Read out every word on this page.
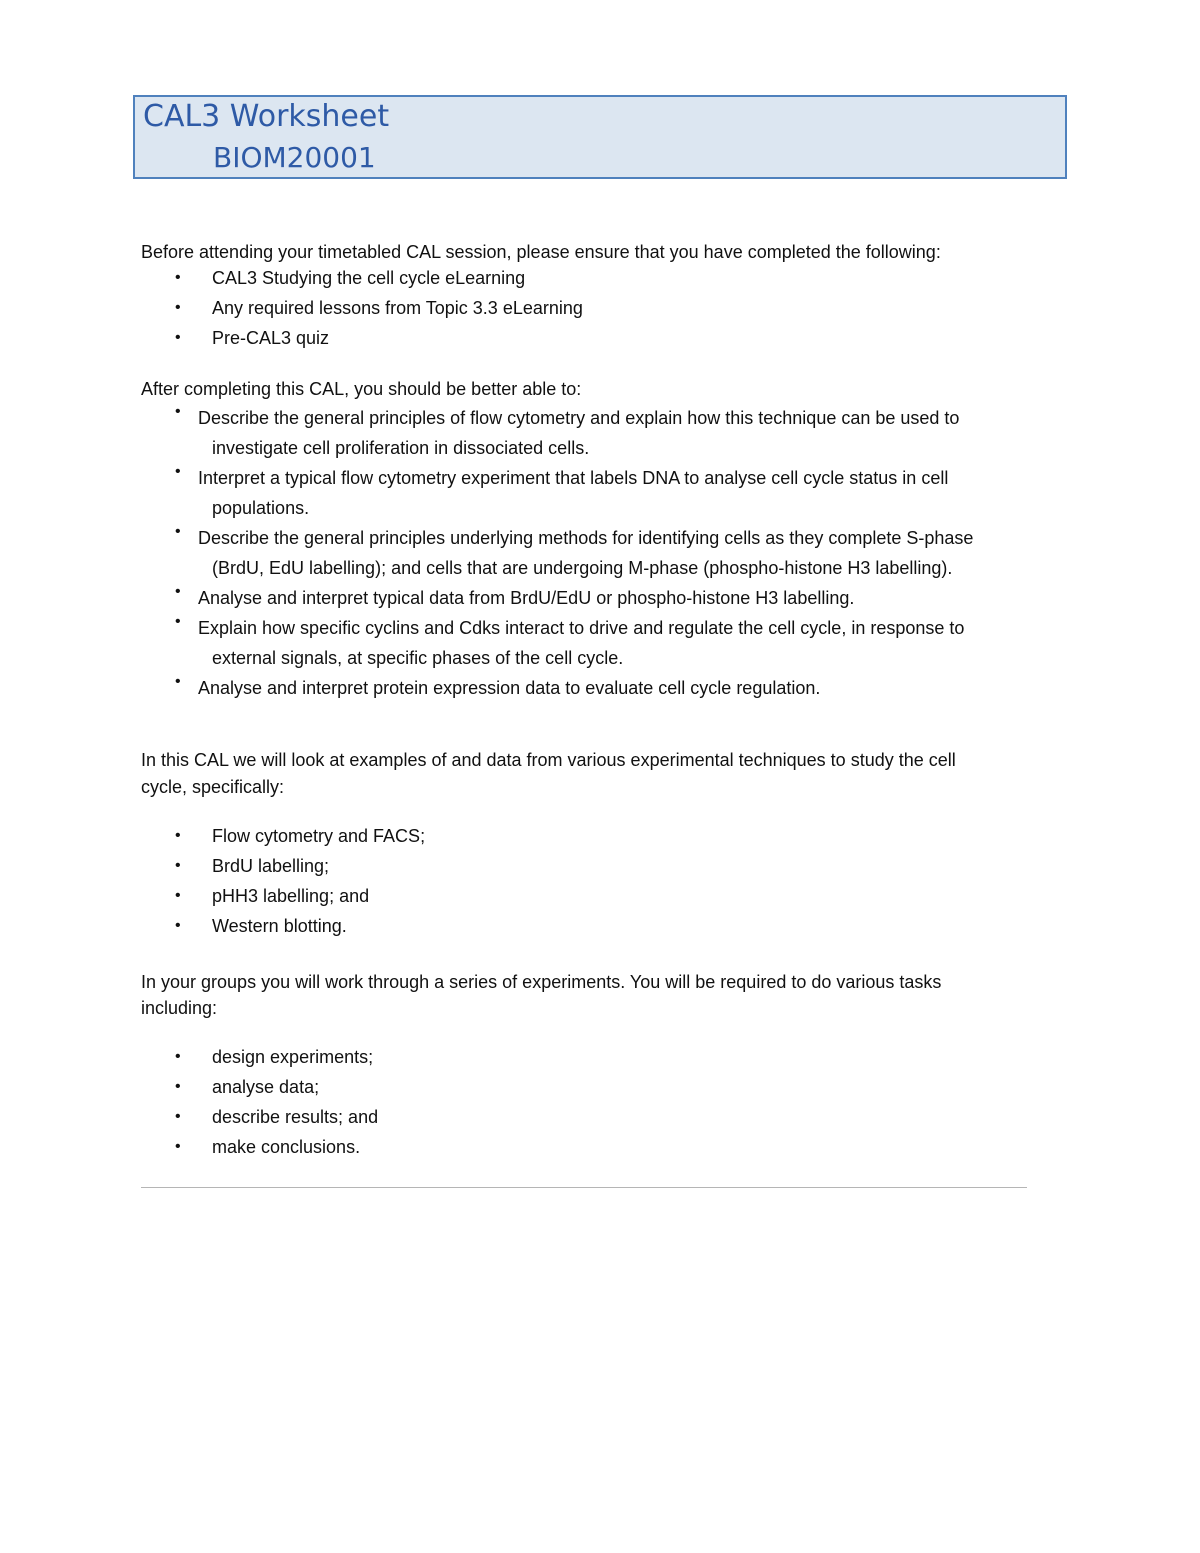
CAL3 Worksheet
BIOM20001
Before attending your timetabled CAL session, please ensure that you have completed the following:
• CAL3 Studying the cell cycle eLearning
• Any required lessons from Topic 3.3 eLearning
• Pre-CAL3 quiz
After completing this CAL, you should be better able to:
• Describe the general principles of flow cytometry and explain how this technique can be used to
investigate cell proliferation in dissociated cells.
• Interpret a typical flow cytometry experiment that labels DNA to analyse cell cycle status in cell
populations.
• Describe the general principles underlying methods for identifying cells as they complete S-phase
(BrdU, EdU labelling); and cells that are undergoing M-phase (phospho-histone H3 labelling).
• Analyse and interpret typical data from BrdU/EdU or phospho-histone H3 labelling.
• Explain how specific cyclins and Cdks interact to drive and regulate the cell cycle, in response to
external signals, at specific phases of the cell cycle.
• Analyse and interpret protein expression data to evaluate cell cycle regulation.
In this CAL we will look at examples of and data from various experimental techniques to study the cell
cycle, specifically:
• Flow cytometry and FACS;
• BrdU labelling;
• pHH3 labelling; and
• Western blotting.
In your groups you will work through a series of experiments. You will be required to do various tasks
including:
• design experiments;
• analyse data;
• describe results; and
• make conclusions.
